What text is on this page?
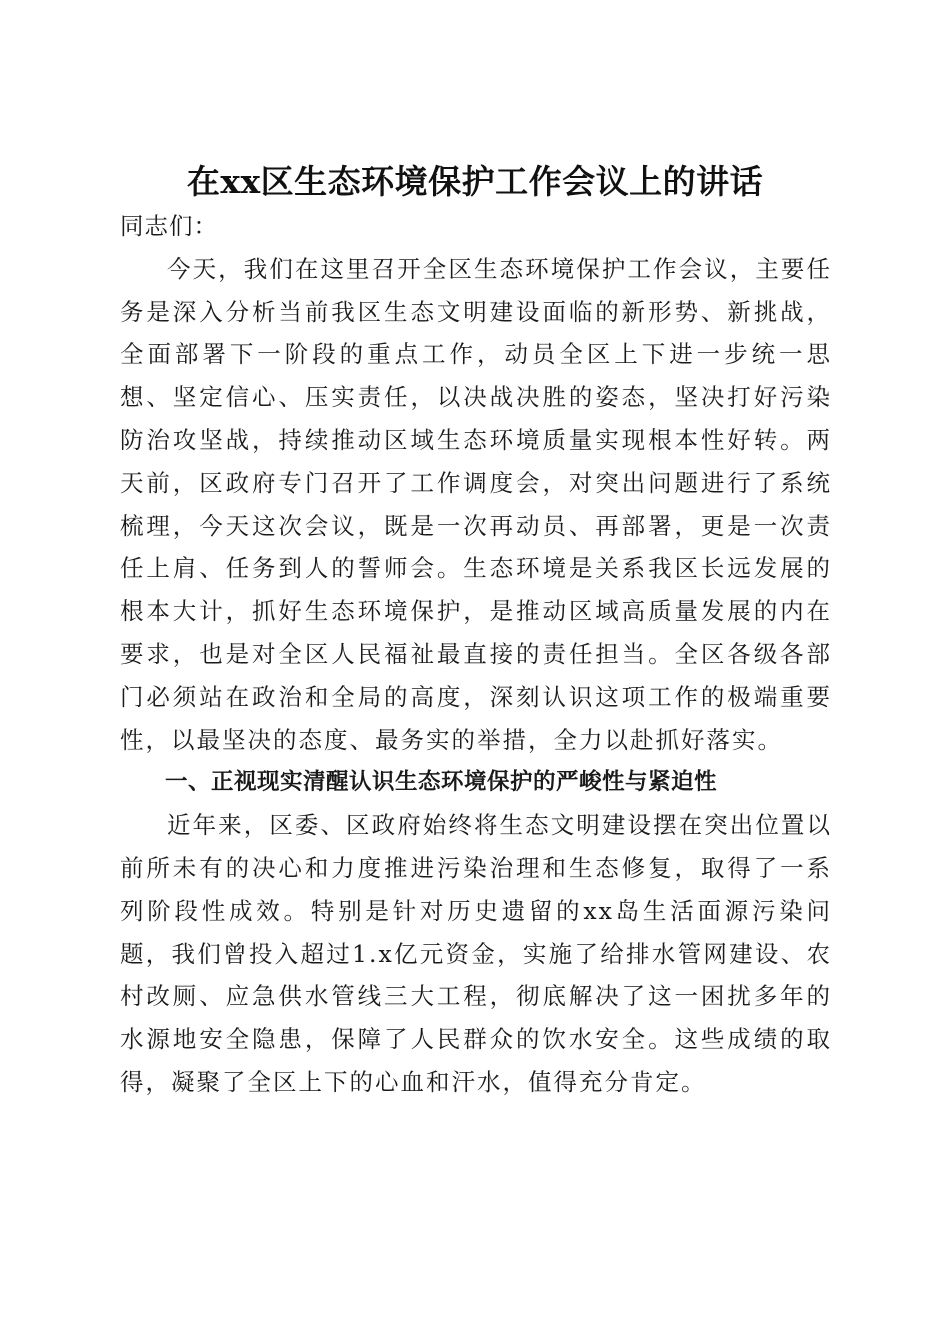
在xx区生态环境保护工作会议上的讲话

同志们：

今天，我们在这里召开全区生态环境保护工作会议，主要任务是深入分析当前我区生态文明建设面临的新形势、新挑战，全面部署下一阶段的重点工作，动员全区上下进一步统一思想、坚定信心、压实责任，以决战决胜的姿态，坚决打好污染防治攻坚战，持续推动区域生态环境质量实现根本性好转。两天前，区政府专门召开了工作调度会，对突出问题进行了系统梳理，今天这次会议，既是一次再动员、再部署，更是一次责任上肩、任务到人的誓师会。生态环境是关系我区长远发展的根本大计，抓好生态环境保护，是推动区域高质量发展的内在要求，也是对全区人民福祉最直接的责任担当。全区各级各部门必须站在政治和全局的高度，深刻认识这项工作的极端重要性，以最坚决的态度、最务实的举措，全力以赴抓好落实。

一、正视现实清醒认识生态环境保护的严峻性与紧迫性

近年来，区委、区政府始终将生态文明建设摆在突出位置以前所未有的决心和力度推进污染治理和生态修复，取得了一系列阶段性成效。特别是针对历史遗留的xx岛生活面源污染问题，我们曾投入超过1.x亿元资金，实施了给排水管网建设、农村改厕、应急供水管线三大工程，彻底解决了这一困扰多年的水源地安全隐患，保障了人民群众的饮水安全。这些成绩的取得，凝聚了全区上下的心血和汗水，值得充分肯定。
